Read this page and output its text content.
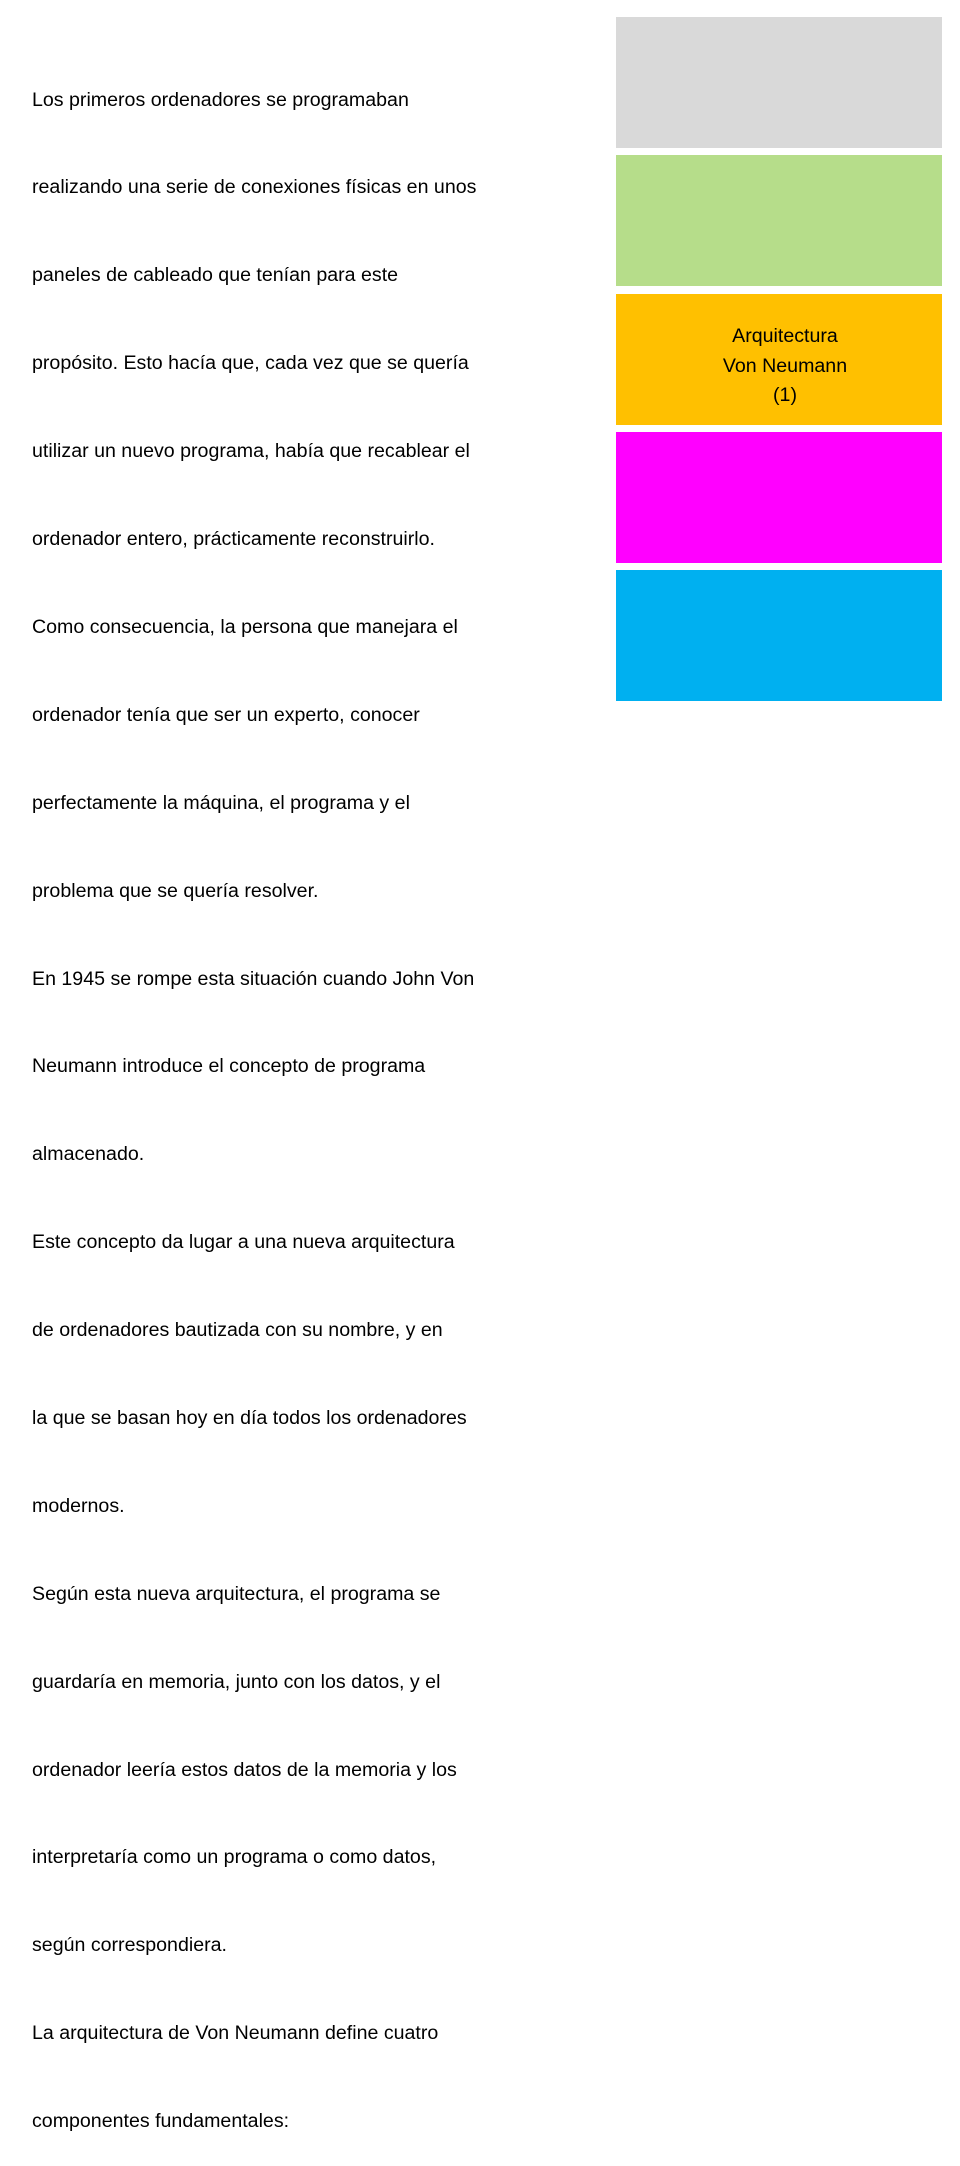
Los primeros ordenadores se programaban

realizando una serie de conexiones físicas en unos

paneles de cableado que tenían para este

propósito. Esto hacía que, cada vez que se quería

utilizar un nuevo programa, había que recablear el

ordenador entero, prácticamente reconstruirlo.

Como consecuencia, la persona que manejara el

ordenador tenía que ser un experto, conocer

perfectamente la máquina, el programa y el

problema que se quería resolver.

En 1945 se rompe esta situación cuando John Von

Neumann introduce el concepto de programa

almacenado.

Este concepto da lugar a una nueva arquitectura

de ordenadores bautizada con su nombre, y en

la que se basan hoy en día todos los ordenadores

modernos.

Según esta nueva arquitectura, el programa se

guardaría en memoria, junto con los datos, y el

ordenador leería estos datos de la memoria y los

interpretaría como un programa o como datos,

según correspondiera.

La arquitectura de Von Neumann define cuatro

componentes fundamentales:

Arquitectura
Von Neumann
(1)
